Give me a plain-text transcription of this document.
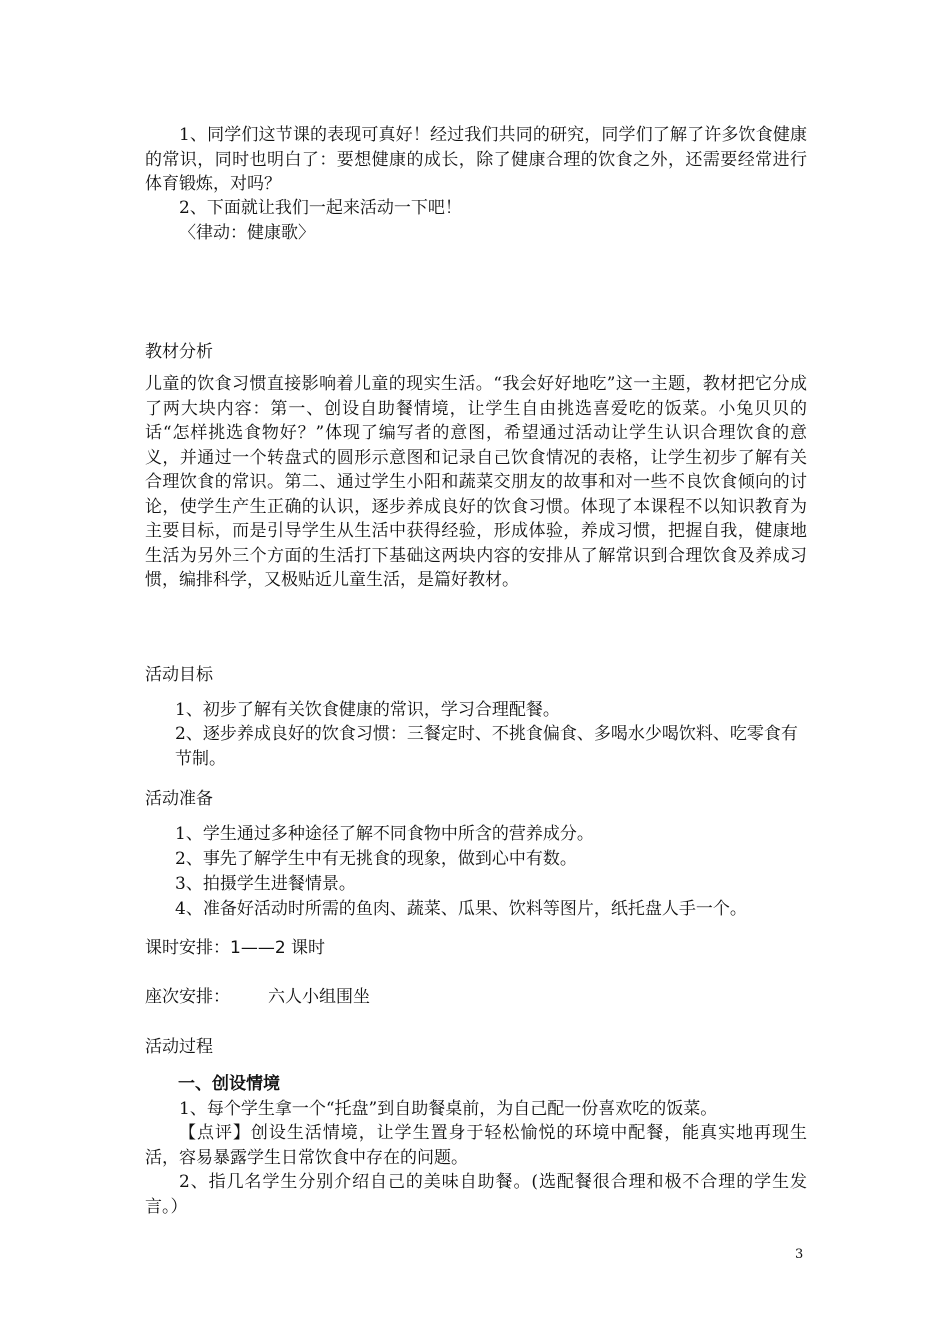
1、同学们这节课的表现可真好！经过我们共同的研究，同学们了解了许多饮食健康的常识，同时也明白了：要想健康的成长，除了健康合理的饮食之外，还需要经常进行体育锻炼，对吗？
2、下面就让我们一起来活动一下吧！
〈律动：健康歌〉
教材分析
儿童的饮食习惯直接影响着儿童的现实生活。“我会好好地吃”这一主题，教材把它分成了两大块内容：第一、创设自助餐情境，让学生自由挑选喜爱吃的饭菜。小兔贝贝的话“怎样挑选食物好？”体现了编写者的意图，希望通过活动让学生认识合理饮食的意义，并通过一个转盘式的圆形示意图和记录自己饮食情况的表格，让学生初步了解有关合理饮食的常识。第二、通过学生小阳和蔬菜交朋友的故事和对一些不良饮食倾向的讨论，使学生产生正确的认识，逐步养成良好的饮食习惯。体现了本课程不以知识教育为主要目标，而是引导学生从生活中获得经验，形成体验，养成习惯，把握自我，健康地生活为另外三个方面的生活打下基础这两块内容的安排从了解常识到合理饮食及养成习惯，编排科学，又极贴近儿童生活，是篇好教材。
活动目标
1、初步了解有关饮食健康的常识，学习合理配餐。
2、逐步养成良好的饮食习惯：三餐定时、不挑食偏食、多喝水少喝饮料、吃零食有节制。
活动准备
1、学生通过多种途径了解不同食物中所含的营养成分。
2、事先了解学生中有无挑食的现象，做到心中有数。
3、拍摄学生进餐情景。
4、准备好活动时所需的鱼肉、蔬菜、瓜果、饮料等图片，纸托盘人手一个。
课时安排：1——2 课时
座次安排： 六人小组围坐
活动过程
一、创设情境
1、每个学生拿一个“托盘”到自助餐桌前，为自己配一份喜欢吃的饭菜。
【点评】创设生活情境，让学生置身于轻松愉悦的环境中配餐，能真实地再现生活，容易暴露学生日常饮食中存在的问题。
2、指几名学生分别介绍自己的美味自助餐。(选配餐很合理和极不合理的学生发言。）
3
